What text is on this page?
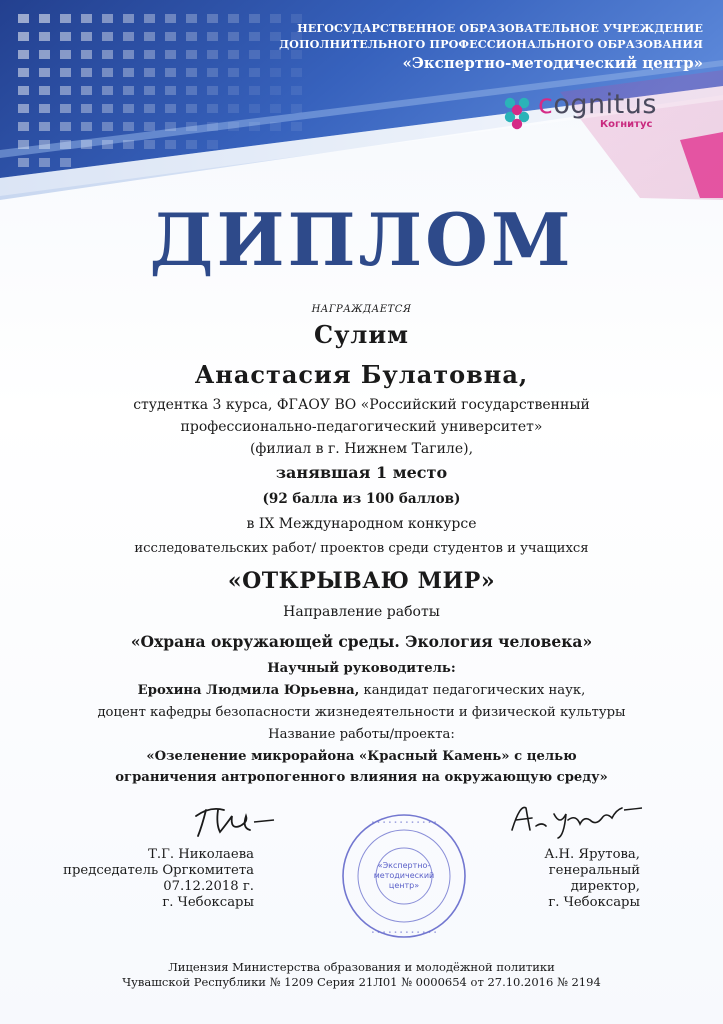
НЕГОСУДАРСТВЕННОЕ ОБРАЗОВАТЕЛЬНОЕ УЧРЕЖДЕНИЕ
ДОПОЛНИТЕЛЬНОГО ПРОФЕССИОНАЛЬНОГО ОБРАЗОВАНИЯ
«Экспертно-методический центр»
cognitus
Когнитус
ДИПЛОМ
НАГРАЖДАЕТСЯ
Сулим
Анастасия Булатовна,
студентка 3 курса, ФГАОУ ВО «Российский государственный
профессионально-педагогический университет»
(филиал в г. Нижнем Тагиле),
занявшая 1 место
(92 балла из 100 баллов)
в IX Международном конкурсе
исследовательских работ/ проектов среди студентов и учащихся
«ОТКРЫВАЮ МИР»
Направление работы
«Охрана окружающей среды. Экология человека»
Научный руководитель:
Ерохина Людмила Юрьевна, кандидат педагогических наук,
доцент кафедры безопасности жизнедеятельности и физической культуры
Название работы/проекта:
«Озеленение микрорайона «Красный Камень» с целью
ограничения антропогенного влияния на окружающую среду»
Т.Г. Николаева
председатель Оргкомитета
07.12.2018 г.
г. Чебоксары
А.Н. Ярутова,
генеральный директор,
г. Чебоксары
∙ ∙ ∙ ∙ ∙ ∙ ∙ ∙ ∙ ∙ ∙ ∙
∙ ∙ ∙ ∙ ∙ ∙ ∙ ∙ ∙ ∙ ∙ ∙
«Экспертно-
методический
центр»
Лицензия Министерства образования и молодёжной политики
Чувашской Республики № 1209 Серия 21Л01 № 0000654 от 27.10.2016 № 2194
